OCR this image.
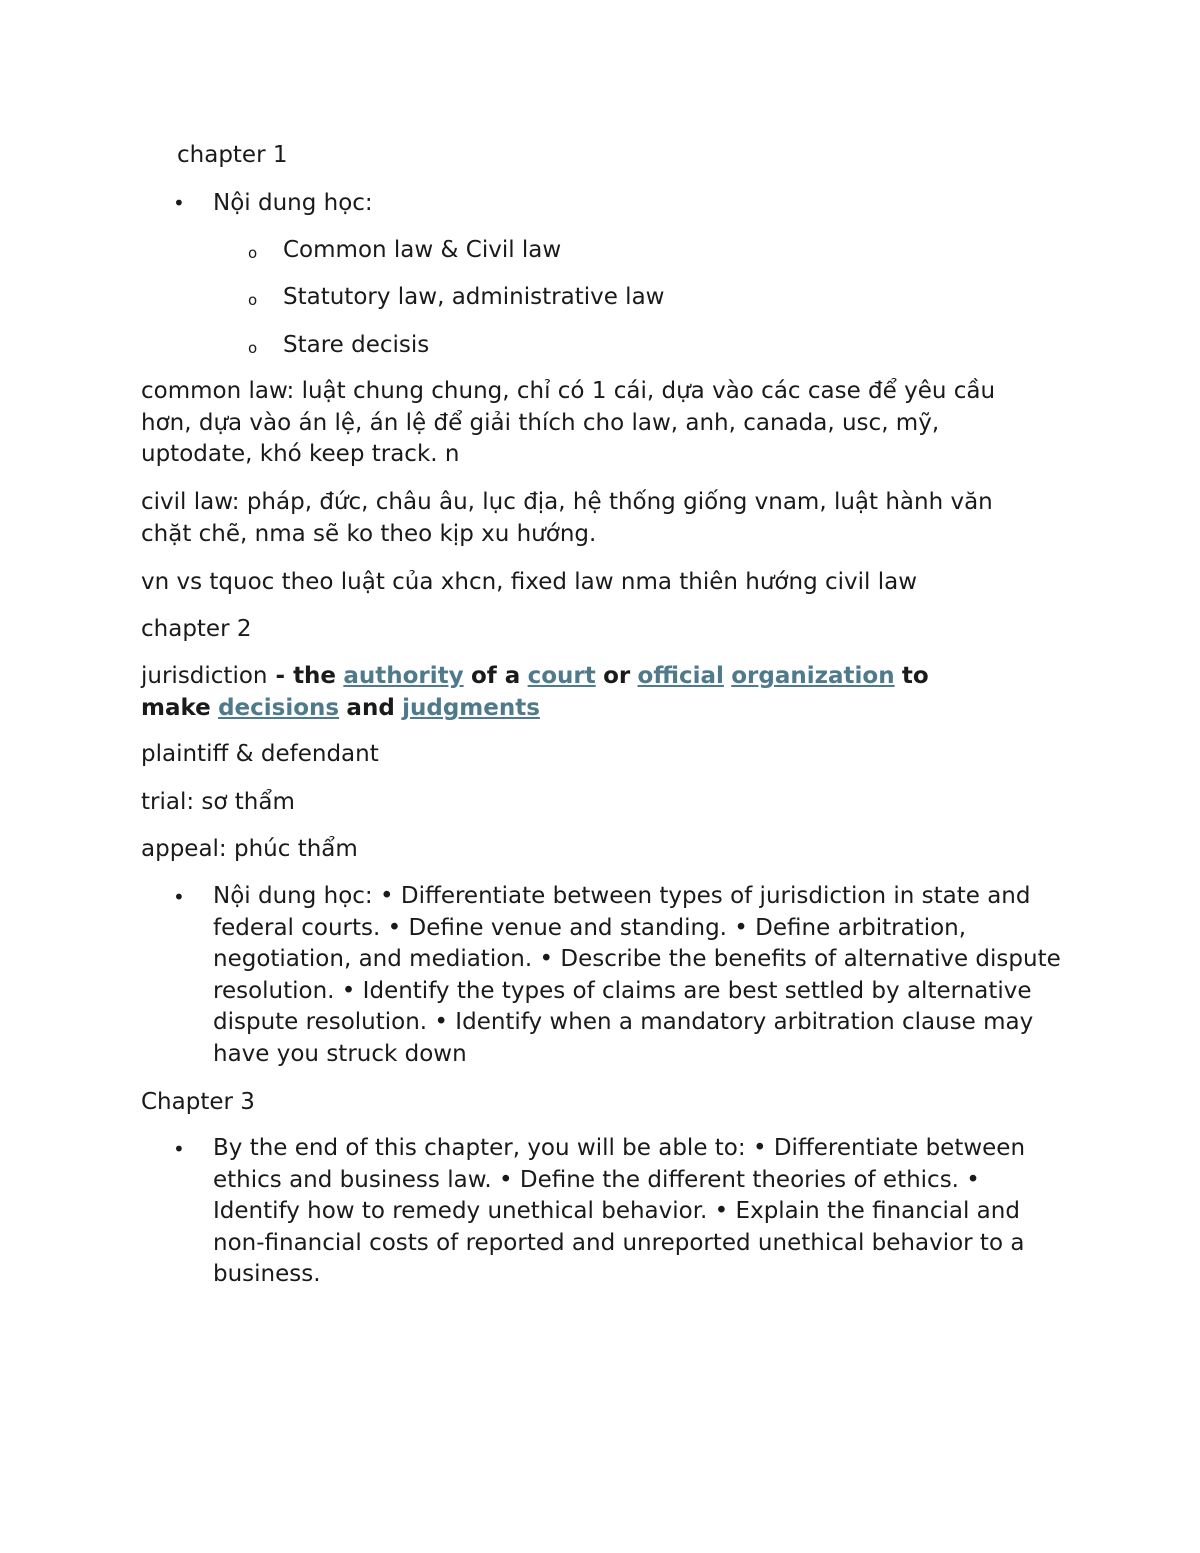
chapter 1

• Nội dung học:

o Common law & Civil law

o Statutory law, administrative law

o Stare decisis

common law: luật chung chung, chỉ có 1 cái, dựa vào các case để yêu cầu hơn, dựa vào án lệ, án lệ để giải thích cho law, anh, canada, usc, mỹ, uptodate, khó keep track. n

civil law: pháp, đức, châu âu, lục địa, hệ thống giống vnam, luật hành văn chặt chẽ, nma sẽ ko theo kịp xu hướng.

vn vs tquoc theo luật của xhcn, fixed law nma thiên hướng civil law

chapter 2

jurisdiction - the authority of a court or official organization to

make decisions and judgments

plaintiff & defendant

trial: sơ thẩm

appeal: phúc thẩm

• Nội dung học: • Differentiate between types of jurisdiction in state and federal courts. • Define venue and standing. • Define arbitration, negotiation, and mediation. • Describe the benefits of alternative dispute resolution. • Identify the types of claims are best settled by alternative dispute resolution. • Identify when a mandatory arbitration clause may have you struck down

Chapter 3

• By the end of this chapter, you will be able to: • Differentiate between ethics and business law. • Define the different theories of ethics. • Identify how to remedy unethical behavior. • Explain the financial and non-financial costs of reported and unreported unethical behavior to a business.
